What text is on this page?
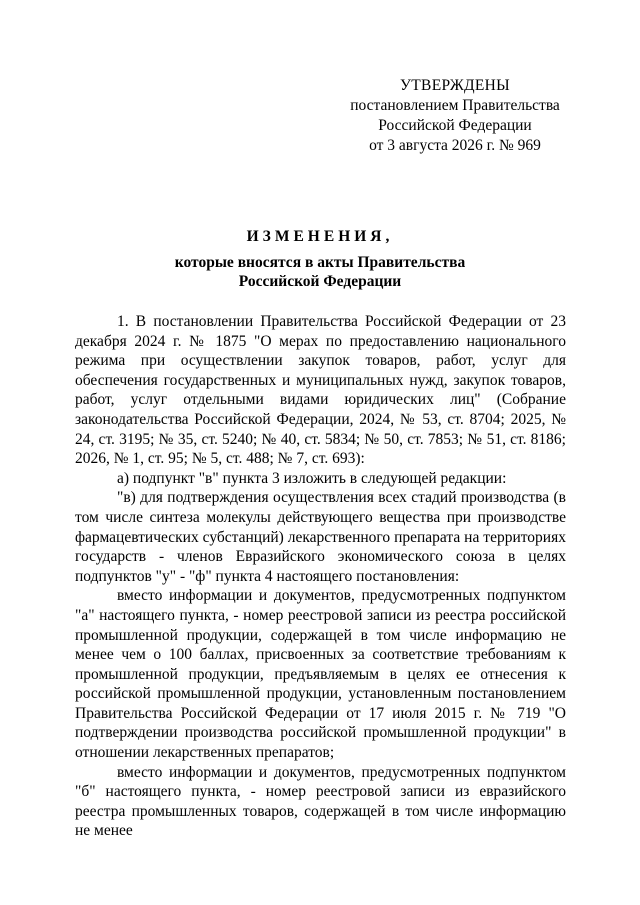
УТВЕРЖДЕНЫ
постановлением Правительства
Российской Федерации
от 3 августа 2026 г. № 969
ИЗМЕНЕНИЯ,
которые вносятся в акты Правительства
Российской Федерации

1. В постановлении Правительства Российской Федерации от 23 декабря 2024 г. № 1875 "О мерах по предоставлению национального режима при осуществлении закупок товаров, работ, услуг для обеспечения государственных и муниципальных нужд, закупок товаров, работ, услуг отдельными видами юридических лиц" (Собрание законодательства Российской Федерации, 2024, № 53, ст. 8704; 2025, № 24, ст. 3195; № 35, ст. 5240; № 40, ст. 5834; № 50, ст. 7853; № 51, ст. 8186; 2026, № 1, ст. 95; № 5, ст. 488; № 7, ст. 693):

а) подпункт "в" пункта 3 изложить в следующей редакции:

"в) для подтверждения осуществления всех стадий производства (в том числе синтеза молекулы действующего вещества при производстве фармацевтических субстанций) лекарственного препарата на территориях государств - членов Евразийского экономического союза в целях подпунктов "у" - "ф" пункта 4 настоящего постановления:

вместо информации и документов, предусмотренных подпунктом "а" настоящего пункта, - номер реестровой записи из реестра российской промышленной продукции, содержащей в том числе информацию не менее чем о 100 баллах, присвоенных за соответствие требованиям к промышленной продукции, предъявляемым в целях ее отнесения к российской промышленной продукции, установленным постановлением Правительства Российской Федерации от 17 июля 2015 г. № 719 "О подтверждении производства российской промышленной продукции" в отношении лекарственных препаратов;

вместо информации и документов, предусмотренных подпунктом "б" настоящего пункта, - номер реестровой записи из евразийского реестра промышленных товаров, содержащей в том числе информацию не менее
